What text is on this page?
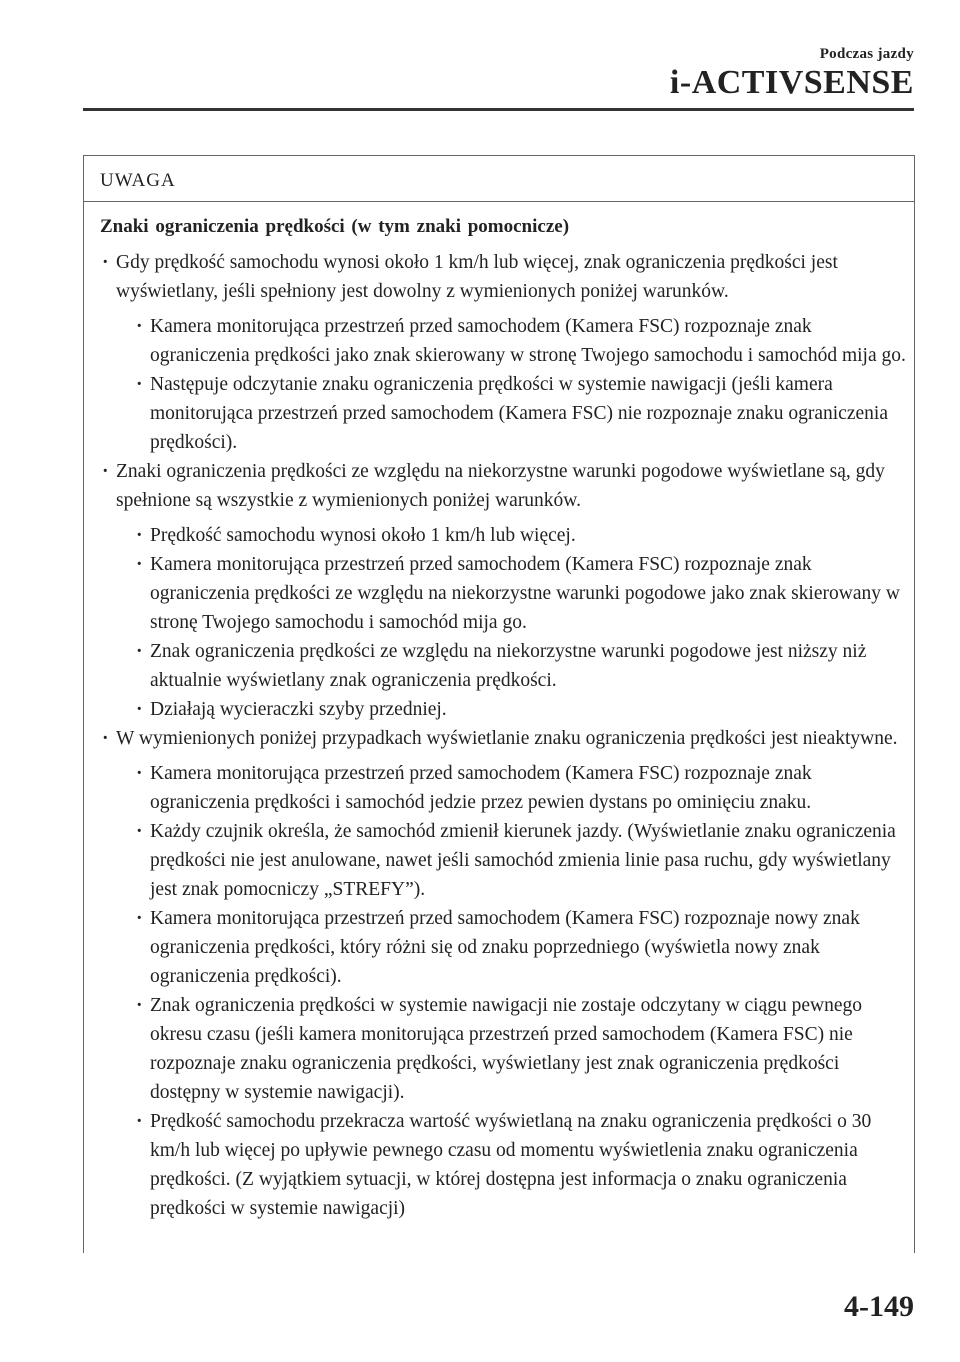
Podczas jazdy
i-ACTIVSENSE
UWAGA

Znaki ograniczenia prędkości (w tym znaki pomocnicze)

· Gdy prędkość samochodu wynosi około 1 km/h lub więcej, znak ograniczenia prędkości jest wyświetlany, jeśli spełniony jest dowolny z wymienionych poniżej warunków.
· Kamera monitorująca przestrzeń przed samochodem (Kamera FSC) rozpoznaje znak ograniczenia prędkości jako znak skierowany w stronę Twojego samochodu i samochód mija go.
· Następuje odczytanie znaku ograniczenia prędkości w systemie nawigacji (jeśli kamera monitorująca przestrzeń przed samochodem (Kamera FSC) nie rozpoznaje znaku ograniczenia prędkości).
· Znaki ograniczenia prędkości ze względu na niekorzystne warunki pogodowe wyświetlane są, gdy spełnione są wszystkie z wymienionych poniżej warunków.
· Prędkość samochodu wynosi około 1 km/h lub więcej.
· Kamera monitorująca przestrzeń przed samochodem (Kamera FSC) rozpoznaje znak ograniczenia prędkości ze względu na niekorzystne warunki pogodowe jako znak skierowany w stronę Twojego samochodu i samochód mija go.
· Znak ograniczenia prędkości ze względu na niekorzystne warunki pogodowe jest niższy niż aktualnie wyświetlany znak ograniczenia prędkości.
· Działają wycieraczki szyby przedniej.
· W wymienionych poniżej przypadkach wyświetlanie znaku ograniczenia prędkości jest nieaktywne.
· Kamera monitorująca przestrzeń przed samochodem (Kamera FSC) rozpoznaje znak ograniczenia prędkości i samochód jedzie przez pewien dystans po ominięciu znaku.
· Każdy czujnik określa, że samochód zmienił kierunek jazdy. (Wyświetlanie znaku ograniczenia prędkości nie jest anulowane, nawet jeśli samochód zmienia linie pasa ruchu, gdy wyświetlany jest znak pomocniczy „STREFY”).
· Kamera monitorująca przestrzeń przed samochodem (Kamera FSC) rozpoznaje nowy znak ograniczenia prędkości, który różni się od znaku poprzedniego (wyświetla nowy znak ograniczenia prędkości).
· Znak ograniczenia prędkości w systemie nawigacji nie zostaje odczytany w ciągu pewnego okresu czasu (jeśli kamera monitorująca przestrzeń przed samochodem (Kamera FSC) nie rozpoznaje znaku ograniczenia prędkości, wyświetlany jest znak ograniczenia prędkości dostępny w systemie nawigacji).
· Prędkość samochodu przekracza wartość wyświetlaną na znaku ograniczenia prędkości o 30 km/h lub więcej po upływie pewnego czasu od momentu wyświetlenia znaku ograniczenia prędkości. (Z wyjątkiem sytuacji, w której dostępna jest informacja o znaku ograniczenia prędkości w systemie nawigacji)
4-149
